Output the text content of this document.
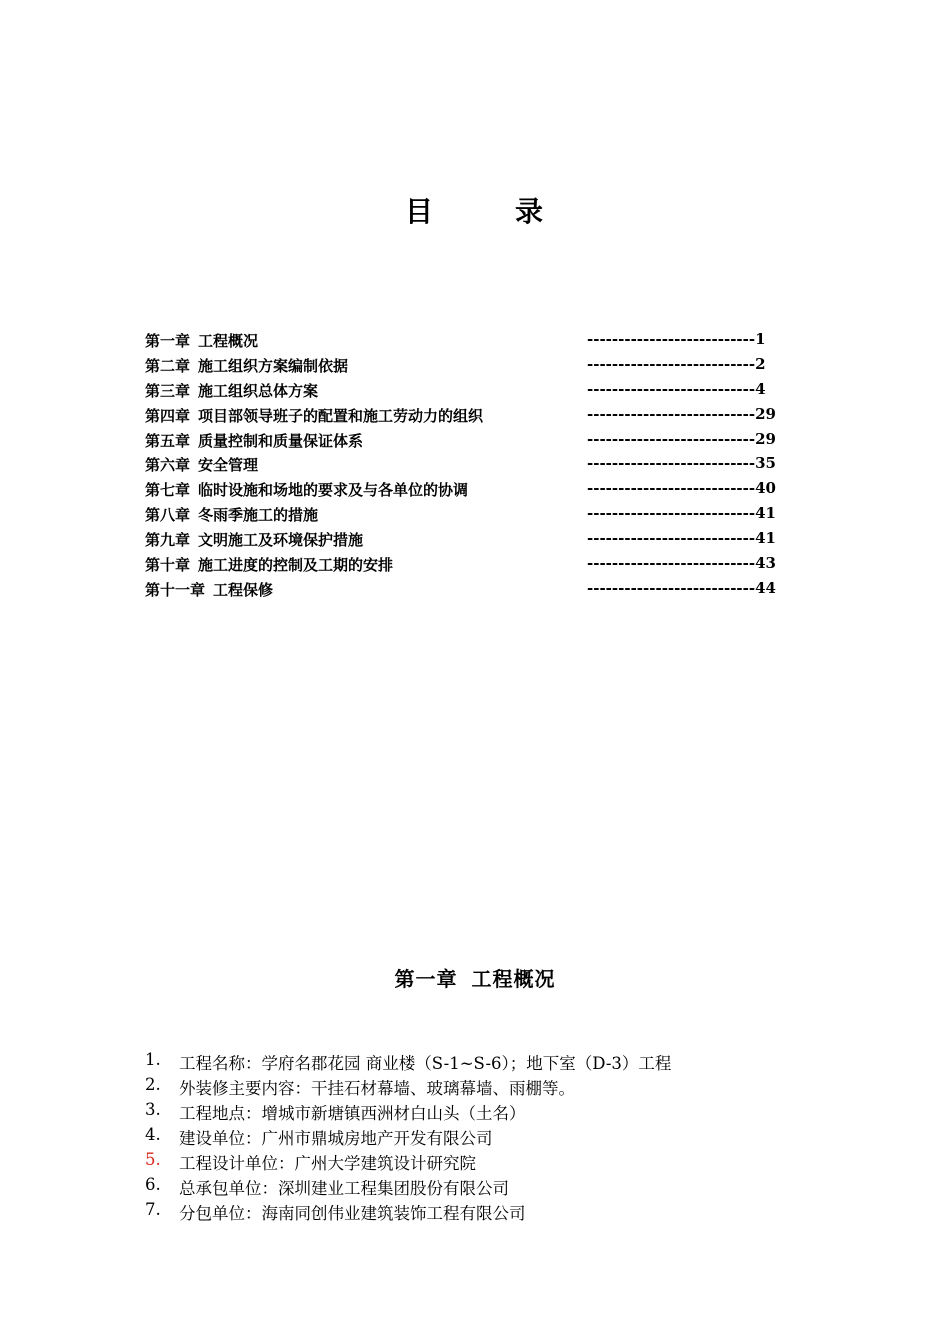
目	录
第一章 工程概况	---------------------------1
第二章 施工组织方案编制依据	---------------------------2
第三章 施工组织总体方案	---------------------------4
第四章 项目部领导班子的配置和施工劳动力的组织	---------------------------29
第五章 质量控制和质量保证体系	---------------------------29
第六章 安全管理	---------------------------35
第七章 临时设施和场地的要求及与各单位的协调	---------------------------40
第八章 冬雨季施工的措施	---------------------------41
第九章 文明施工及环境保护措施	---------------------------41
第十章 施工进度的控制及工期的安排	---------------------------43
第十一章 工程保修	---------------------------44
第一章 工程概况
1.	工程名称：学府名郡花园 商业楼（S-1~S-6）；地下室（D-3）工程
2.	外装修主要内容：干挂石材幕墙、玻璃幕墙、雨棚等。
3.	工程地点：增城市新塘镇西洲材白山头（土名）
4.	建设单位：广州市鼎城房地产开发有限公司
5.	工程设计单位：广州大学建筑设计研究院
6.	总承包单位：深圳建业工程集团股份有限公司
7.	分包单位：海南同创伟业建筑装饰工程有限公司
